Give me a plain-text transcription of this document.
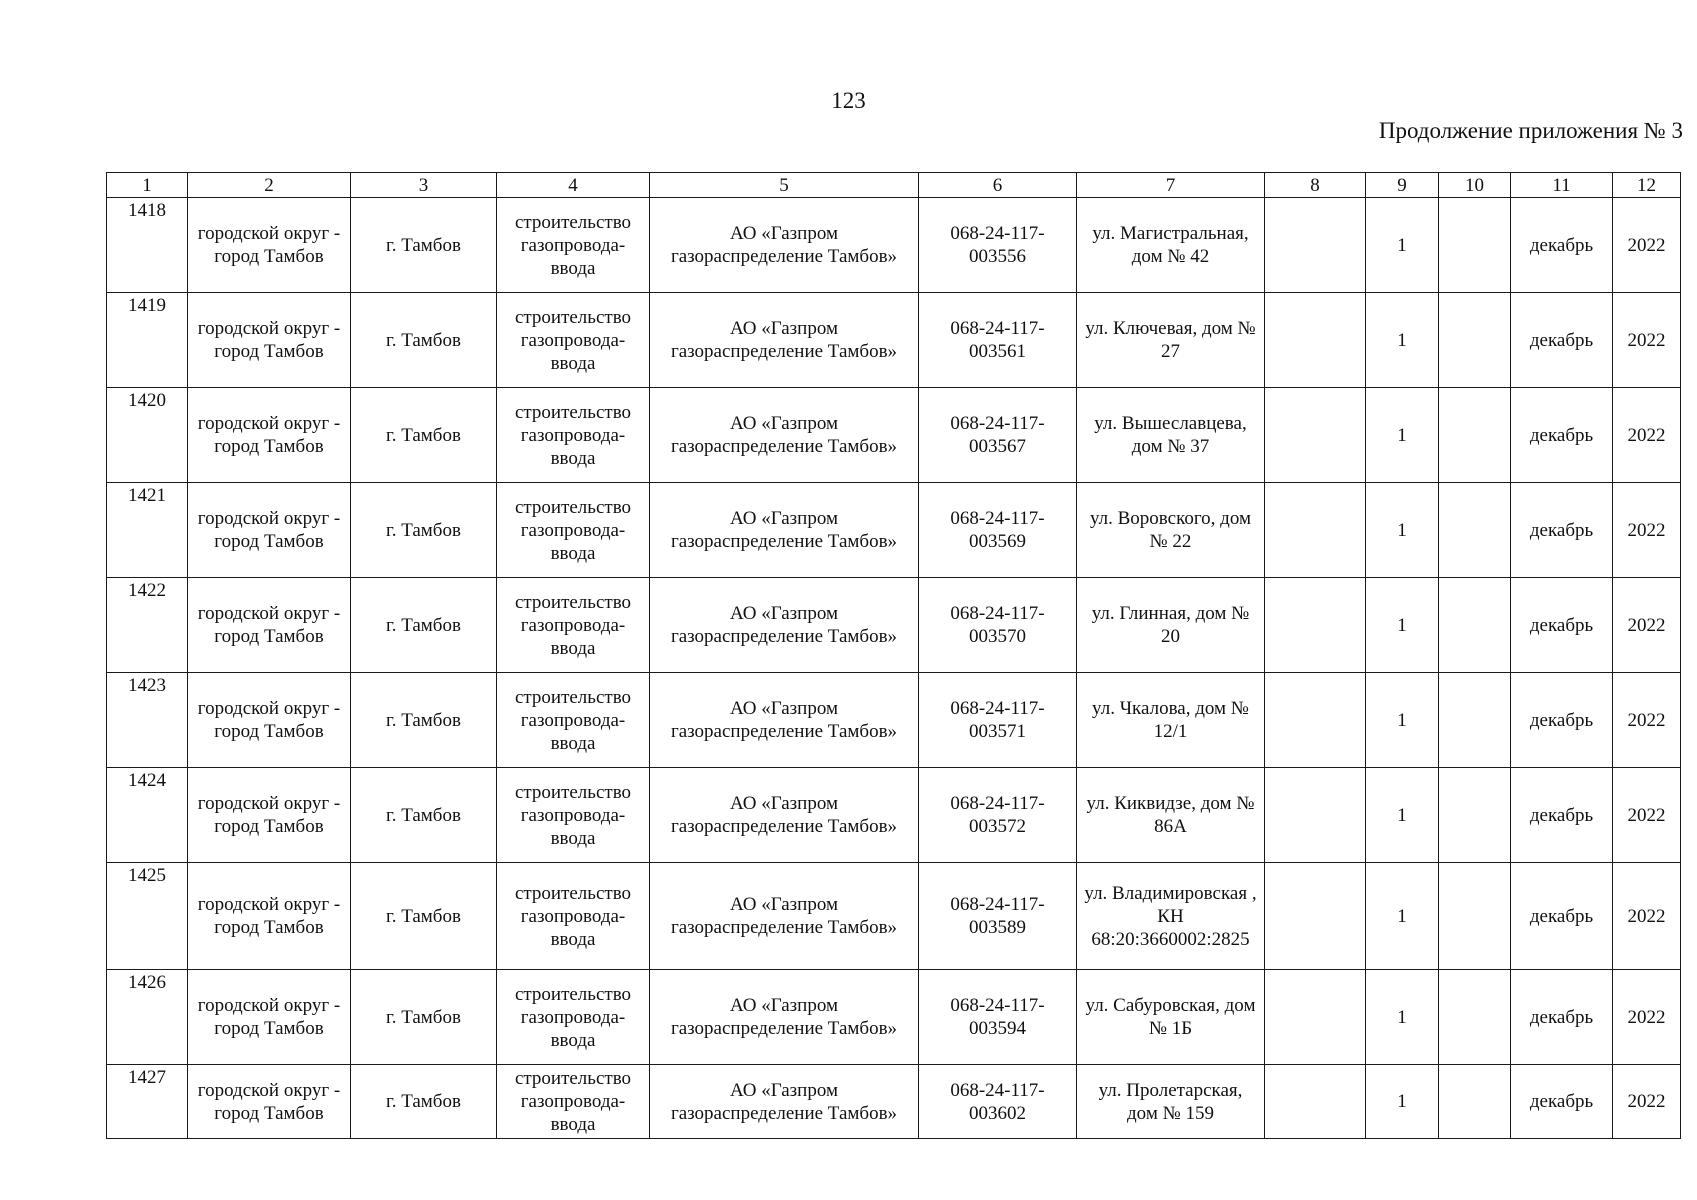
123
Продолжение приложения № 3
1	2	3	4	5	6	7	8	9	10	11	12
1418	городской округ - город Тамбов	г. Тамбов	строительство газопровода-ввода	АО «Газпром газораспределение Тамбов»	068-24-117-003556	ул. Магистральная, дом № 42		1		декабрь	2022
1419	городской округ - город Тамбов	г. Тамбов	строительство газопровода-ввода	АО «Газпром газораспределение Тамбов»	068-24-117-003561	ул. Ключевая, дом № 27		1		декабрь	2022
1420	городской округ - город Тамбов	г. Тамбов	строительство газопровода-ввода	АО «Газпром газораспределение Тамбов»	068-24-117-003567	ул. Вышеславцева, дом № 37		1		декабрь	2022
1421	городской округ - город Тамбов	г. Тамбов	строительство газопровода-ввода	АО «Газпром газораспределение Тамбов»	068-24-117-003569	ул. Воровского, дом № 22		1		декабрь	2022
1422	городской округ - город Тамбов	г. Тамбов	строительство газопровода-ввода	АО «Газпром газораспределение Тамбов»	068-24-117-003570	ул. Глинная, дом № 20		1		декабрь	2022
1423	городской округ - город Тамбов	г. Тамбов	строительство газопровода-ввода	АО «Газпром газораспределение Тамбов»	068-24-117-003571	ул. Чкалова, дом № 12/1		1		декабрь	2022
1424	городской округ - город Тамбов	г. Тамбов	строительство газопровода-ввода	АО «Газпром газораспределение Тамбов»	068-24-117-003572	ул. Киквидзе, дом № 86А		1		декабрь	2022
1425	городской округ - город Тамбов	г. Тамбов	строительство газопровода-ввода	АО «Газпром газораспределение Тамбов»	068-24-117-003589	ул. Владимировская , КН 68:20:3660002:2825		1		декабрь	2022
1426	городской округ - город Тамбов	г. Тамбов	строительство газопровода-ввода	АО «Газпром газораспределение Тамбов»	068-24-117-003594	ул. Сабуровская, дом № 1Б		1		декабрь	2022
1427	городской округ - город Тамбов	г. Тамбов	строительство газопровода-ввода	АО «Газпром газораспределение Тамбов»	068-24-117-003602	ул. Пролетарская, дом № 159		1		декабрь	2022
